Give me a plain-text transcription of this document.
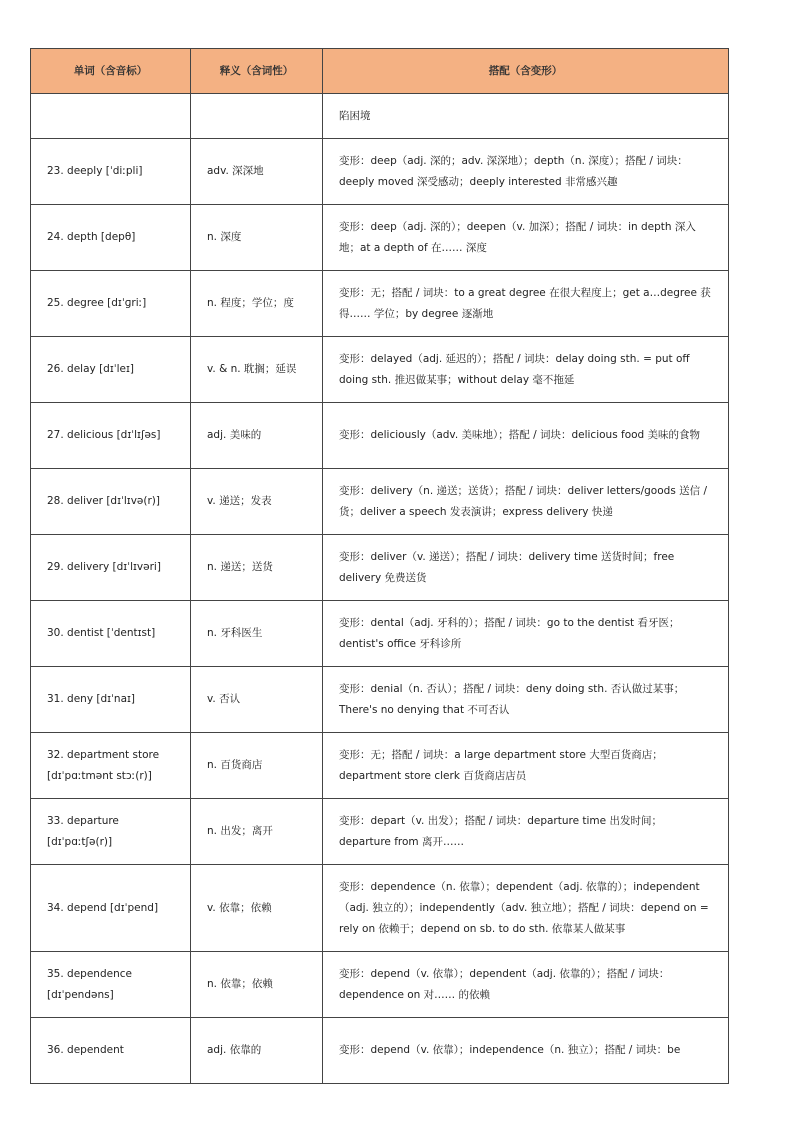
单词（含音标）	释义（含词性）	搭配（含变形）

		陷困境

23. deeply [ˈdiːpli]	adv. 深深地	变形：deep（adj. 深的；adv. 深深地）；depth（n. 深度）；搭配 / 词块：deeply moved 深受感动；deeply interested 非常感兴趣

24. depth [depθ]	n. 深度	变形：deep（adj. 深的）；deepen（v. 加深）；搭配 / 词块：in depth 深入地；at a depth of 在…… 深度

25. degree [dɪˈɡriː]	n. 程度；学位；度	变形：无；搭配 / 词块：to a great degree 在很大程度上；get a…degree 获得…… 学位；by degree 逐渐地

26. delay [dɪˈleɪ]	v. & n. 耽搁；延误	变形：delayed（adj. 延迟的）；搭配 / 词块：delay doing sth. = put off doing sth. 推迟做某事；without delay 毫不拖延

27. delicious [dɪˈlɪʃəs]	adj. 美味的	变形：deliciously（adv. 美味地）；搭配 / 词块：delicious food 美味的食物

28. deliver [dɪˈlɪvə(r)]	v. 递送；发表	变形：delivery（n. 递送；送货）；搭配 / 词块：deliver letters/goods 送信 / 货；deliver a speech 发表演讲；express delivery 快递

29. delivery [dɪˈlɪvəri]	n. 递送；送货	变形：deliver（v. 递送）；搭配 / 词块：delivery time 送货时间；free delivery 免费送货

30. dentist [ˈdentɪst]	n. 牙科医生	变形：dental（adj. 牙科的）；搭配 / 词块：go to the dentist 看牙医；dentist's office 牙科诊所

31. deny [dɪˈnaɪ]	v. 否认	变形：denial（n. 否认）；搭配 / 词块：deny doing sth. 否认做过某事；There's no denying that 不可否认

32. department store
[dɪˈpɑːtmənt stɔː(r)]	n. 百货商店	变形：无；搭配 / 词块：a large department store 大型百货商店；department store clerk 百货商店店员

33. departure
[dɪˈpɑːtʃə(r)]	n. 出发；离开	变形：depart（v. 出发）；搭配 / 词块：departure time 出发时间；departure from 离开……

34. depend [dɪˈpend]	v. 依靠；依赖	变形：dependence（n. 依靠）；dependent（adj. 依靠的）；independent（adj. 独立的）；independently（adv. 独立地）；搭配 / 词块：depend on = rely on 依赖于；depend on sb. to do sth. 依靠某人做某事

35. dependence
[dɪˈpendəns]	n. 依靠；依赖	变形：depend（v. 依靠）；dependent（adj. 依靠的）；搭配 / 词块：dependence on 对…… 的依赖

36. dependent	adj. 依靠的	变形：depend（v. 依靠）；independence（n. 独立）；搭配 / 词块：be
